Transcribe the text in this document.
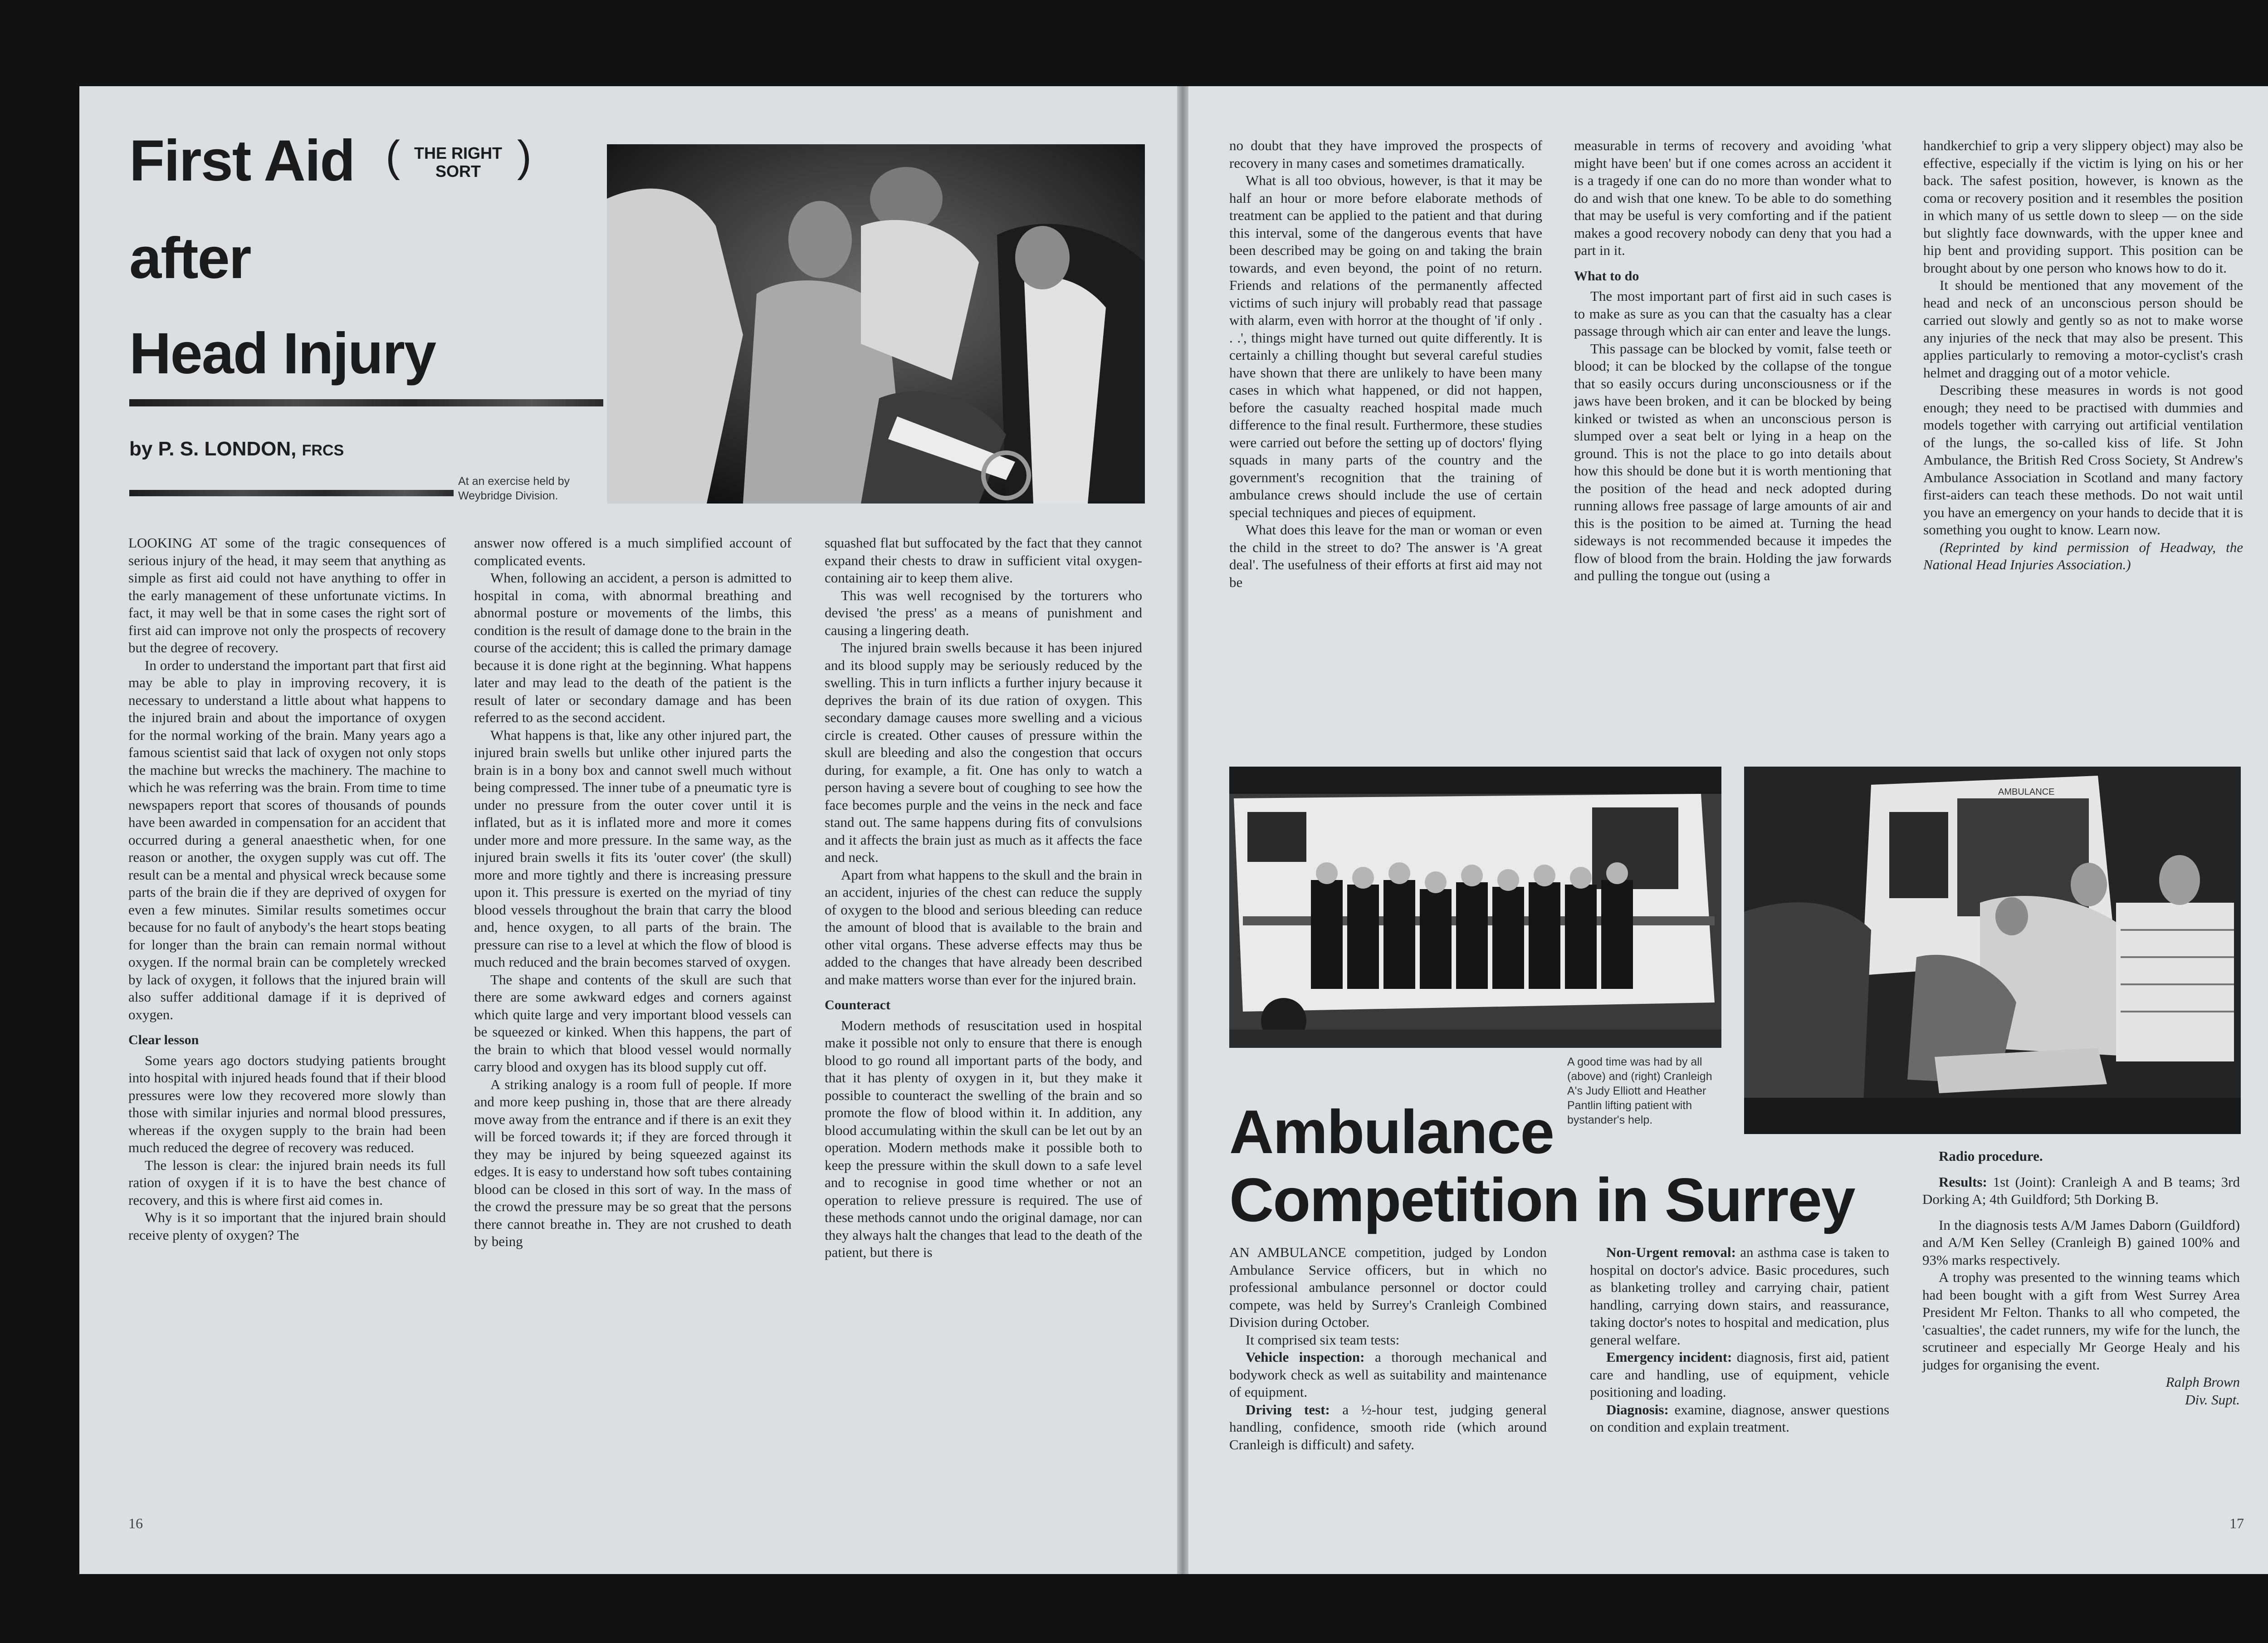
First Aid ( THE RIGHT
SORT )
after
Head Injury
by P. S. LONDON, FRCS
At an exercise held by Weybridge Division.

LOOKING AT some of the tragic consequences of serious injury of the head, it may seem that anything as simple as first aid could not have anything to offer in the early management of these unfortunate victims. In fact, it may well be that in some cases the right sort of first aid can improve not only the prospects of recovery but the degree of recovery.

In order to understand the important part that first aid may be able to play in improving recovery, it is necessary to understand a little about what happens to the injured brain and about the importance of oxygen for the normal working of the brain. Many years ago a famous scientist said that lack of oxygen not only stops the machine but wrecks the machinery. The machine to which he was referring was the brain. From time to time newspapers report that scores of thousands of pounds have been awarded in compensation for an accident that occurred during a general anaesthetic when, for one reason or another, the oxygen supply was cut off. The result can be a mental and physical wreck because some parts of the brain die if they are deprived of oxygen for even a few minutes. Similar results sometimes occur because for no fault of anybody's the heart stops beating for longer than the brain can remain normal without oxygen. If the normal brain can be completely wrecked by lack of oxygen, it follows that the injured brain will also suffer additional damage if it is deprived of oxygen.

Clear lesson

Some years ago doctors studying patients brought into hospital with injured heads found that if their blood pressures were low they recovered more slowly than those with similar injuries and normal blood pressures, whereas if the oxygen supply to the brain had been much reduced the degree of recovery was reduced.

The lesson is clear: the injured brain needs its full ration of oxygen if it is to have the best chance of recovery, and this is where first aid comes in.

Why is it so important that the injured brain should receive plenty of oxygen? The

answer now offered is a much simplified account of complicated events.

When, following an accident, a person is admitted to hospital in coma, with abnormal breathing and abnormal posture or movements of the limbs, this condition is the result of damage done to the brain in the course of the accident; this is called the primary damage because it is done right at the beginning. What happens later and may lead to the death of the patient is the result of later or secondary damage and has been referred to as the second accident.

What happens is that, like any other injured part, the injured brain swells but unlike other injured parts the brain is in a bony box and cannot swell much without being compressed. The inner tube of a pneumatic tyre is under no pressure from the outer cover until it is inflated, but as it is inflated more and more it comes under more and more pressure. In the same way, as the injured brain swells it fits its 'outer cover' (the skull) more and more tightly and there is increasing pressure upon it. This pressure is exerted on the myriad of tiny blood vessels throughout the brain that carry the blood and, hence oxygen, to all parts of the brain. The pressure can rise to a level at which the flow of blood is much reduced and the brain becomes starved of oxygen.

The shape and contents of the skull are such that there are some awkward edges and corners against which quite large and very important blood vessels can be squeezed or kinked. When this happens, the part of the brain to which that blood vessel would normally carry blood and oxygen has its blood supply cut off.

A striking analogy is a room full of people. If more and more keep pushing in, those that are there already move away from the entrance and if there is an exit they will be forced towards it; if they are forced through it they may be injured by being squeezed against its edges. It is easy to understand how soft tubes containing blood can be closed in this sort of way. In the mass of the crowd the pressure may be so great that the persons there cannot breathe in. They are not crushed to death by being

squashed flat but suffocated by the fact that they cannot expand their chests to draw in sufficient vital oxygen-containing air to keep them alive.

This was well recognised by the torturers who devised 'the press' as a means of punishment and causing a lingering death.

The injured brain swells because it has been injured and its blood supply may be seriously reduced by the swelling. This in turn inflicts a further injury because it deprives the brain of its due ration of oxygen. This secondary damage causes more swelling and a vicious circle is created. Other causes of pressure within the skull are bleeding and also the congestion that occurs during, for example, a fit. One has only to watch a person having a severe bout of coughing to see how the face becomes purple and the veins in the neck and face stand out. The same happens during fits of convulsions and it affects the brain just as much as it affects the face and neck.

Apart from what happens to the skull and the brain in an accident, injuries of the chest can reduce the supply of oxygen to the blood and serious bleeding can reduce the amount of blood that is available to the brain and other vital organs. These adverse effects may thus be added to the changes that have already been described and make matters worse than ever for the injured brain.

Counteract

Modern methods of resuscitation used in hospital make it possible not only to ensure that there is enough blood to go round all important parts of the body, and that it has plenty of oxygen in it, but they make it possible to counteract the swelling of the brain and so promote the flow of blood within it. In addition, any blood accumulating within the skull can be let out by an operation. Modern methods make it possible both to keep the pressure within the skull down to a safe level and to recognise in good time whether or not an operation to relieve pressure is required. The use of these methods cannot undo the original damage, nor can they always halt the changes that lead to the death of the patient, but there is

16

no doubt that they have improved the prospects of recovery in many cases and sometimes dramatically.

What is all too obvious, however, is that it may be half an hour or more before elaborate methods of treatment can be applied to the patient and that during this interval, some of the dangerous events that have been described may be going on and taking the brain towards, and even beyond, the point of no return. Friends and relations of the permanently affected victims of such injury will probably read that passage with alarm, even with horror at the thought of 'if only . . .', things might have turned out quite differently. It is certainly a chilling thought but several careful studies have shown that there are unlikely to have been many cases in which what happened, or did not happen, before the casualty reached hospital made much difference to the final result. Furthermore, these studies were carried out before the setting up of doctors' flying squads in many parts of the country and the government's recognition that the training of ambulance crews should include the use of certain special techniques and pieces of equipment.

What does this leave for the man or woman or even the child in the street to do? The answer is 'A great deal'. The usefulness of their efforts at first aid may not be

measurable in terms of recovery and avoiding 'what might have been' but if one comes across an accident it is a tragedy if one can do no more than wonder what to do and wish that one knew. To be able to do something that may be useful is very comforting and if the patient makes a good recovery nobody can deny that you had a part in it.

What to do

The most important part of first aid in such cases is to make as sure as you can that the casualty has a clear passage through which air can enter and leave the lungs.

This passage can be blocked by vomit, false teeth or blood; it can be blocked by the collapse of the tongue that so easily occurs during unconsciousness or if the jaws have been broken, and it can be blocked by being kinked or twisted as when an unconscious person is slumped over a seat belt or lying in a heap on the ground. This is not the place to go into details about how this should be done but it is worth mentioning that the position of the head and neck adopted during running allows free passage of large amounts of air and this is the position to be aimed at. Turning the head sideways is not recommended because it impedes the flow of blood from the brain. Holding the jaw forwards and pulling the tongue out (using a

handkerchief to grip a very slippery object) may also be effective, especially if the victim is lying on his or her back. The safest position, however, is known as the coma or recovery position and it resembles the position in which many of us settle down to sleep — on the side but slightly face downwards, with the upper knee and hip bent and providing support. This position can be brought about by one person who knows how to do it.

It should be mentioned that any movement of the head and neck of an unconscious person should be carried out slowly and gently so as not to make worse any injuries of the neck that may also be present. This applies particularly to removing a motor-cyclist's crash helmet and dragging out of a motor vehicle.

Describing these measures in words is not good enough; they need to be practised with dummies and models together with carrying out artificial ventilation of the lungs, the so-called kiss of life. St John Ambulance, the British Red Cross Society, St Andrew's Ambulance Association in Scotland and many factory first-aiders can teach these methods. Do not wait until you have an emergency on your hands to decide that it is something you ought to know. Learn now.

(Reprinted by kind permission of Headway, the National Head Injuries Association.)

AMBULANCE
A good time was had by all (above) and (right) Cranleigh A's Judy Elliott and Heather Pantlin lifting patient with bystander's help.
Ambulance
Competition in Surrey

AN AMBULANCE competition, judged by London Ambulance Service officers, but in which no professional ambulance personnel or doctor could compete, was held by Surrey's Cranleigh Combined Division during October.

It comprised six team tests:

Vehicle inspection: a thorough mechanical and bodywork check as well as suitability and maintenance of equipment.

Driving test: a ½-hour test, judging general handling, confidence, smooth ride (which around Cranleigh is difficult) and safety.

Non-Urgent removal: an asthma case is taken to hospital on doctor's advice. Basic procedures, such as blanketing trolley and carrying chair, patient handling, carrying down stairs, and reassurance, taking doctor's notes to hospital and medication, plus general welfare.

Emergency incident: diagnosis, first aid, patient care and handling, use of equipment, vehicle positioning and loading.

Diagnosis: examine, diagnose, answer questions on condition and explain treatment.

Radio procedure.

Results: 1st (Joint): Cranleigh A and B teams; 3rd Dorking A; 4th Guildford; 5th Dorking B.

In the diagnosis tests A/M James Daborn (Guildford) and A/M Ken Selley (Cranleigh B) gained 100% and 93% marks respectively.

A trophy was presented to the winning teams which had been bought with a gift from West Surrey Area President Mr Felton. Thanks to all who competed, the 'casualties', the cadet runners, my wife for the lunch, the scrutineer and especially Mr George Healy and his judges for organising the event.

Ralph Brown

Div. Supt.

17
